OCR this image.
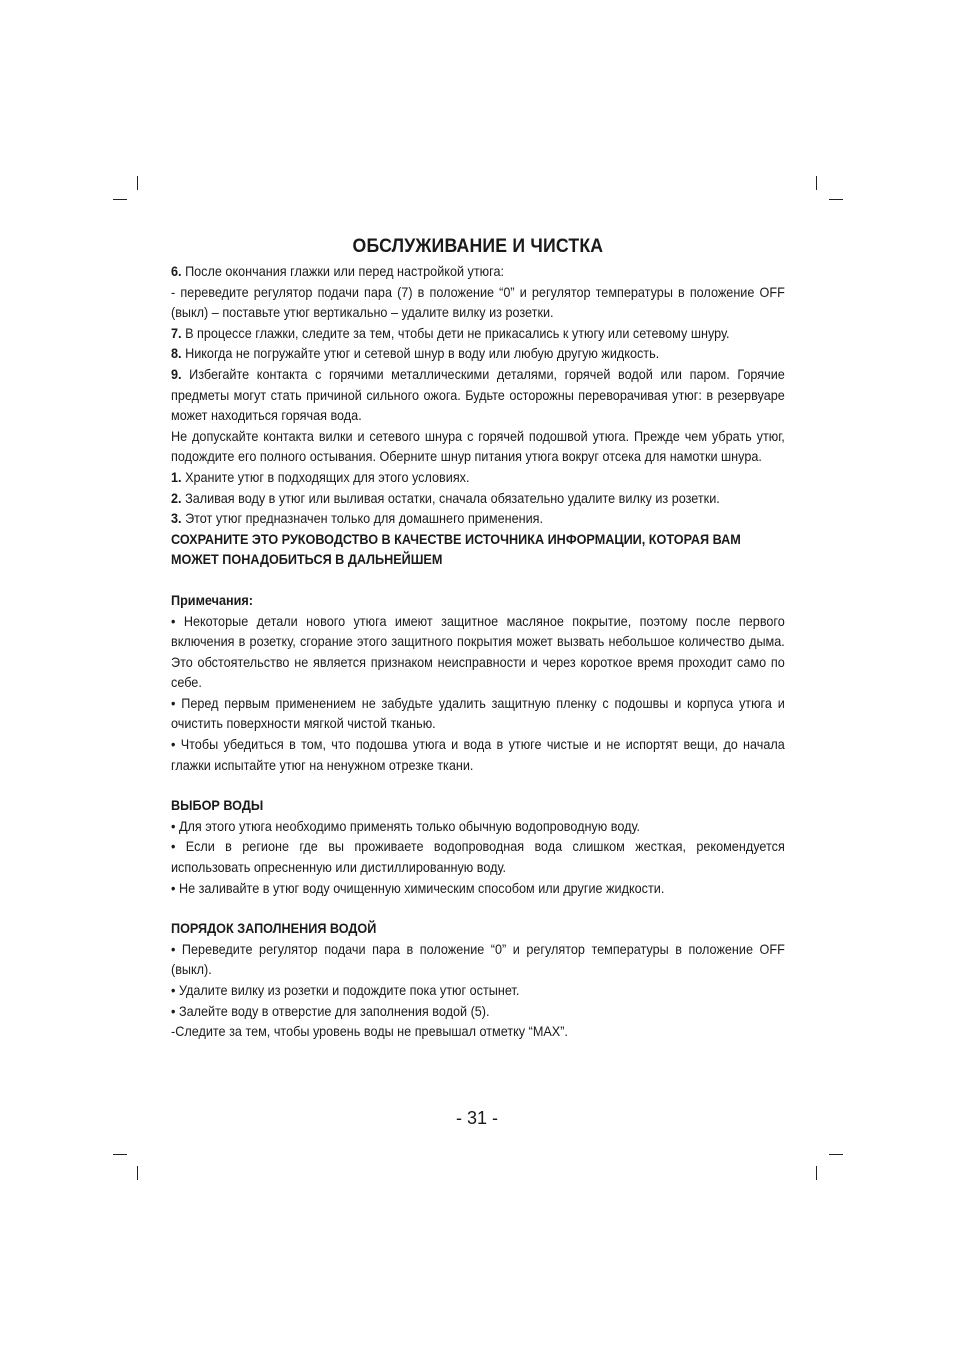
ОБСЛУЖИВАНИЕ И ЧИСТКА

6. После окончания глажки или перед настройкой утюга:

- переведите регулятор подачи пара (7) в положение “0” и регулятор температуры в положение OFF (выкл) – поставьте утюг вертикально – удалите вилку из розетки.

7. В процессе глажки, следите за тем, чтобы дети не прикасались к утюгу или сетевому шнуру.

8. Никогда не погружайте утюг и сетевой шнур в воду или любую другую жидкость.

9. Избегайте контакта с горячими металлическими деталями, горячей водой или паром. Горячие предметы могут стать причиной сильного ожога. Будьте осторожны переворачивая утюг: в резервуаре может находиться горячая вода.

Не допускайте контакта вилки и сетевого шнура с горячей подошвой утюга. Прежде чем убрать утюг, подождите его полного остывания. Оберните шнур питания утюга вокруг отсека для намотки шнура.

1. Храните утюг в подходящих для этого условиях.

2. Заливая воду в утюг или выливая остатки, сначала обязательно удалите вилку из розетки.

3. Этот утюг предназначен только для домашнего применения.

СОХРАНИТЕ ЭТО РУКОВОДСТВО В КАЧЕСТВЕ ИСТОЧНИКА ИНФОРМАЦИИ, КОТОРАЯ ВАМ МОЖЕТ ПОНАДОБИТЬСЯ В ДАЛЬНЕЙШЕМ

Примечания:

• Некоторые детали нового утюга имеют защитное масляное покрытие, поэтому после первого включения в розетку, сгорание этого защитного покрытия может вызвать небольшое количество дыма. Это обстоятельство не является признаком неисправности и через короткое время проходит само по себе.

• Перед первым применением не забудьте удалить защитную пленку с подошвы и корпуса утюга и очистить поверхности мягкой чистой тканью.

• Чтобы убедиться в том, что подошва утюга и вода в утюге чистые и не испортят вещи, до начала глажки испытайте утюг на ненужном отрезке ткани.

ВЫБОР ВОДЫ

• Для этого утюга необходимо применять только обычную водопроводную воду.

• Если в регионе где вы проживаете водопроводная вода слишком жесткая, рекомендуется использовать опресненную или дистиллированную воду.

• Не заливайте в утюг воду очищенную химическим способом или другие жидкости.

ПОРЯДОК ЗАПОЛНЕНИЯ ВОДОЙ

• Переведите регулятор подачи пара в положение “0” и регулятор температуры в положение OFF (выкл).

• Удалите вилку из розетки и подождите пока утюг остынет.

• Залейте воду в отверстие для заполнения водой (5).

-Следите за тем, чтобы уровень воды не превышал отметку “MAX”.

- 31 -
